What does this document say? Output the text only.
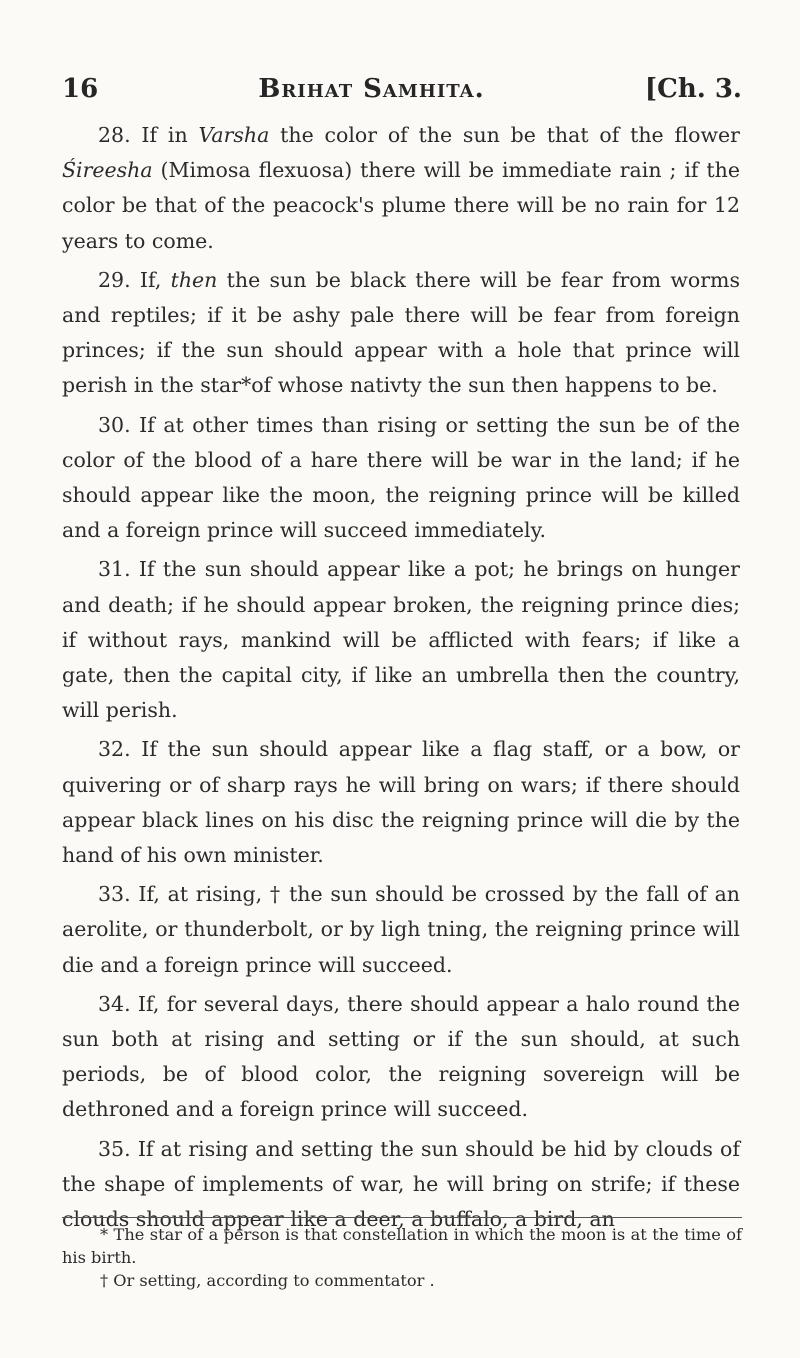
16	Brihat Samhita.	[Ch. 3.

28. If in Varsha the color of the sun be that of the flower Śireesha (Mimosa flexuosa) there will be immediate rain ; if the color be that of the peacock's plume there will be no rain for 12 years to come.

29. If, then the sun be black there will be fear from worms and reptiles; if it be ashy pale there will be fear from foreign princes; if the sun should appear with a hole that prince will perish in the star*of whose nativty the sun then happens to be.

30. If at other times than rising or setting the sun be of the color of the blood of a hare there will be war in the land; if he should appear like the moon, the reigning prince will be killed and a foreign prince will succeed immediately.

31. If the sun should appear like a pot; he brings on hunger and death; if he should appear broken, the reigning prince dies; if without rays, mankind will be afflicted with fears; if like a gate, then the capital city, if like an umbrella then the country, will perish.

32. If the sun should appear like a flag staff, or a bow, or quivering or of sharp rays he will bring on wars; if there should appear black lines on his disc the reigning prince will die by the hand of his own minister.

33. If, at rising, † the sun should be crossed by the fall of an aerolite, or thunderbolt, or by ligh tning, the reigning prince will die and a foreign prince will succeed.

34. If, for several days, there should appear a halo round the sun both at rising and setting or if the sun should, at such periods, be of blood color, the reigning sovereign will be dethroned and a foreign prince will succeed.

35. If at rising and setting the sun should be hid by clouds of the shape of implements of war, he will bring on strife; if these clouds should appear like a deer, a buffalo, a bird, an

* The star of a person is that constellation in which the moon is at the time of his birth.

† Or setting, according to commentator .
